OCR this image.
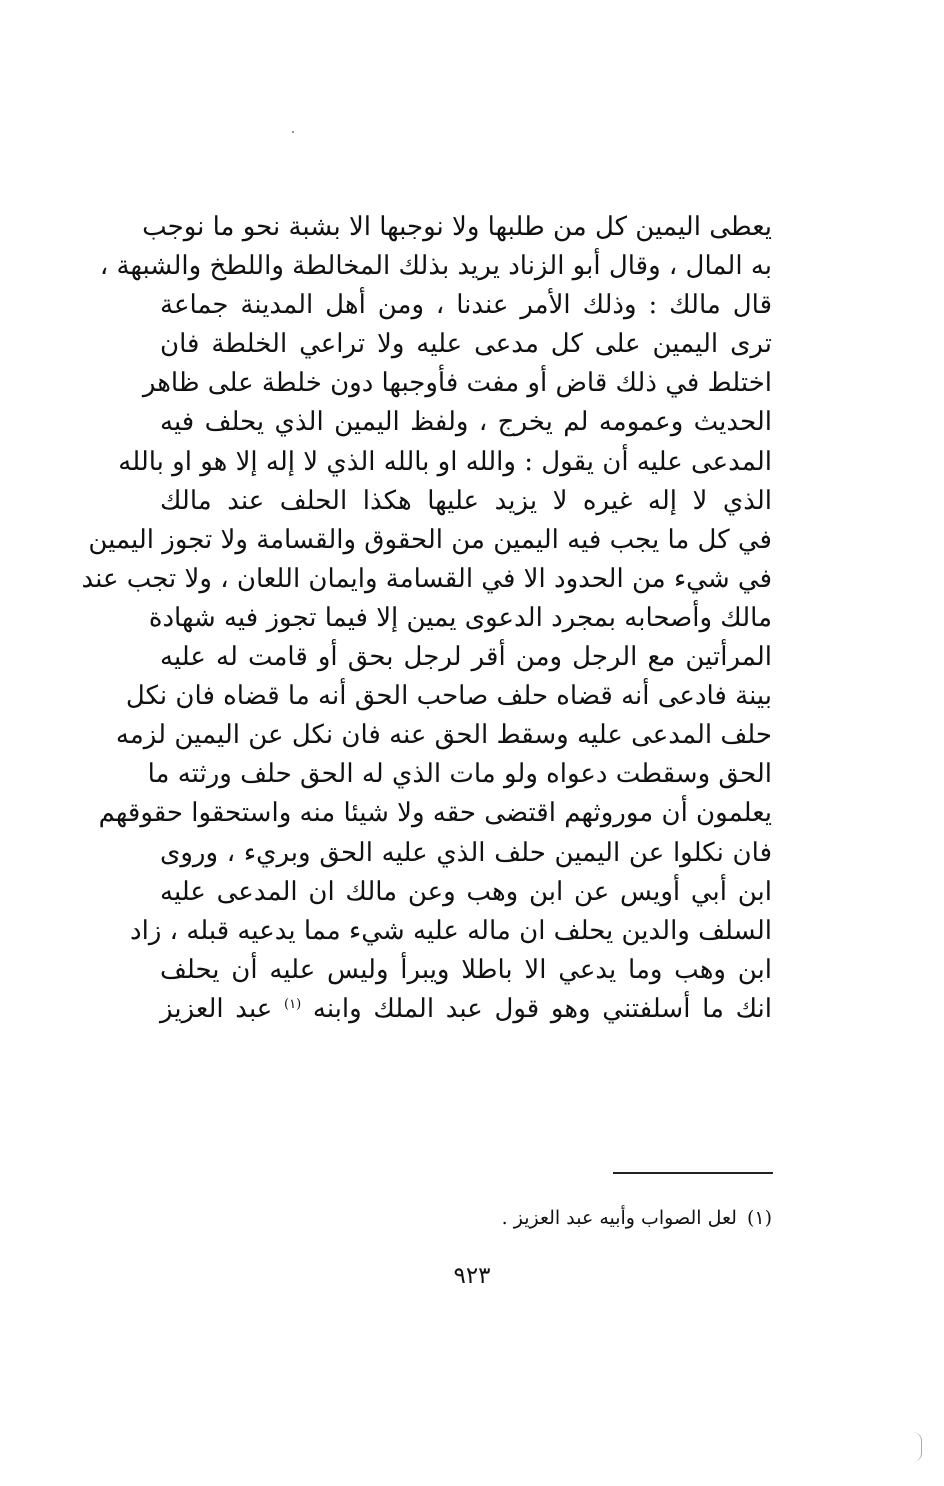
يعطى اليمين كل من طلبها ولا نوجبها الا بشبة نحو ما نوجب
به المال ، وقال أبو الزناد يريد بذلك المخالطة واللطخ والشبهة ،
قال مالك : وذلك الأمر عندنا ، ومن أهل المدينة جماعة
ترى اليمين على كل مدعى عليه ولا تراعي الخلطة فان
اختلط في ذلك قاض أو مفت فأوجبها دون خلطة على ظاهر
الحديث وعمومه لم يخرج ، ولفظ اليمين الذي يحلف فيه
المدعى عليه أن يقول : والله او بالله الذي لا إله إلا هو او بالله
الذي لا إله غيره لا يزيد عليها هكذا الحلف عند مالك
في كل ما يجب فيه اليمين من الحقوق والقسامة ولا تجوز اليمين
في شيء من الحدود الا في القسامة وايمان اللعان ، ولا تجب عند
مالك وأصحابه بمجرد الدعوى يمين إلا فيما تجوز فيه شهادة
المرأتين مع الرجل ومن أقر لرجل بحق أو قامت له عليه
بينة فادعى أنه قضاه حلف صاحب الحق أنه ما قضاه فان نكل
حلف المدعى عليه وسقط الحق عنه فان نكل عن اليمين لزمه
الحق وسقطت دعواه ولو مات الذي له الحق حلف ورثته ما
يعلمون أن موروثهم اقتضى حقه ولا شيئا منه واستحقوا حقوقهم
فان نكلوا عن اليمين حلف الذي عليه الحق وبريء ، وروى
ابن أبي أويس عن ابن وهب وعن مالك ان المدعى عليه
السلف والدين يحلف ان ماله عليه شيء مما يدعيه قبله ، زاد
ابن وهب وما يدعي الا باطلا ويبرأ وليس عليه أن يحلف
انك ما أسلفتني وهو قول عبد الملك وابنه $^{(١)}$ عبد العزيز
(١)لعل الصواب وأبيه عبد العزيز .
٩٢٣
